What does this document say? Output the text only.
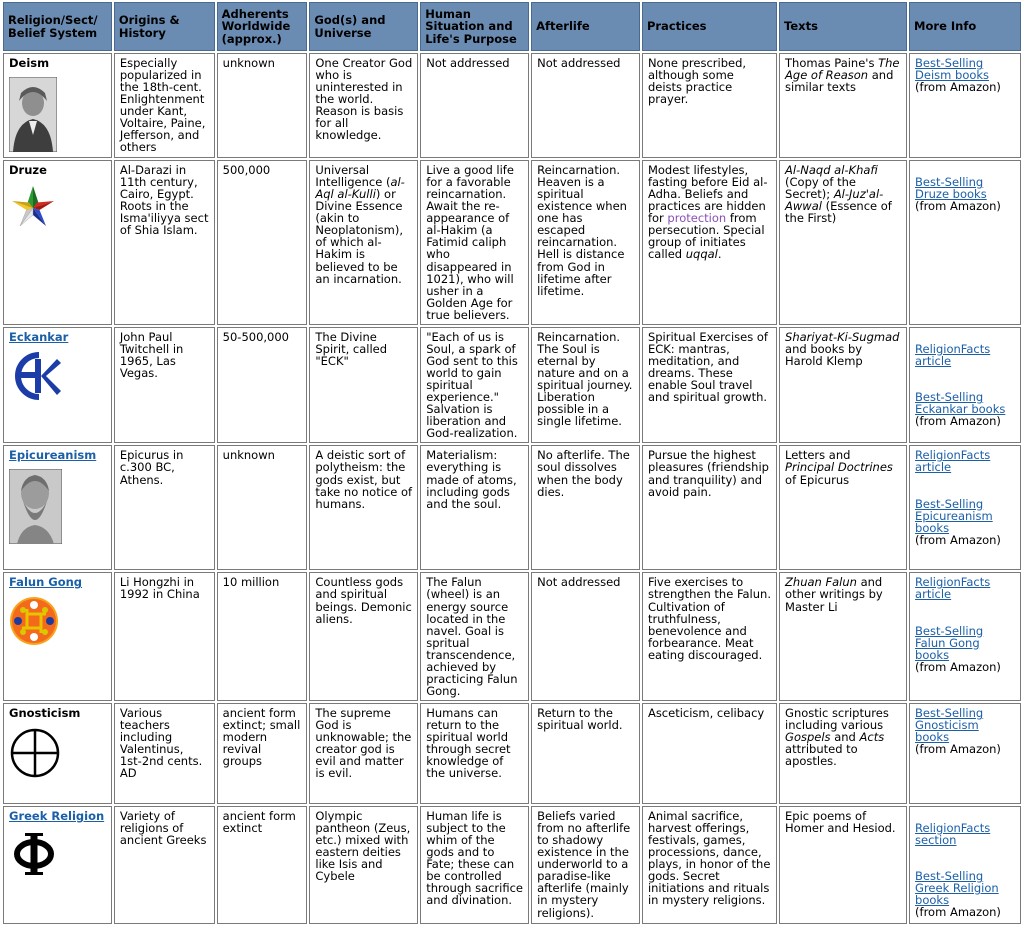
Religion/Sect/ Belief System	Origins & History	Adherents Worldwide (approx.)	God(s) and Universe	Human Situation and Life's Purpose	Afterlife	Practices	Texts	More Info

Deism	Especially popularized in the 18th-cent. Enlightenment under Kant, Voltaire, Paine, Jefferson, and others	unknown	One Creator God who is uninterested in the world. Reason is basis for all knowledge.	Not addressed	Not addressed	None prescribed, although some deists practice prayer.	Thomas Paine's The Age of Reason and similar texts	Best-Selling Deism books
(from Amazon)

Druze	Al-Darazi in 11th century, Cairo, Egypt. Roots in the Isma'iliyya sect of Shia Islam.	500,000	Universal Intelligence (al-Aql al-Kulli) or Divine Essence (akin to Neoplatonism), of which al-Hakim is believed to be an incarnation.	Live a good life for a favorable reincarnation. Await the re-appearance of al-Hakim (a Fatimid caliph who disappeared in 1021), who will usher in a Golden Age for true believers.	Reincarnation. Heaven is a spiritual existence when one has escaped reincarnation. Hell is distance from God in lifetime after lifetime.	Modest lifestyles, fasting before Eid al-Adha. Beliefs and practices are hidden for protection from persecution. Special group of initiates called uqqal.	Al-Naqd al-Khafi (Copy of the Secret); Al-Juz'al-Awwal (Essence of the First)	Best-Selling Druze books
(from Amazon)

Eckankar	John Paul Twitchell in 1965, Las Vegas.	50-500,000	The Divine Spirit, called "ECK"	"Each of us is Soul, a spark of God sent to this world to gain spiritual experience." Salvation is liberation and God-realization.	Reincarnation. The Soul is eternal by nature and on a spiritual journey. Liberation possible in a single lifetime.	Spiritual Exercises of ECK: mantras, meditation, and dreams. These enable Soul travel and spiritual growth.	Shariyat-Ki-Sugmad and books by Harold Klemp	ReligionFacts article
Best-Selling Eckankar books
(from Amazon)

Epicureanism	Epicurus in c.300 BC, Athens.	unknown	A deistic sort of polytheism: the gods exist, but take no notice of humans.	Materialism: everything is made of atoms, including gods and the soul.	No afterlife. The soul dissolves when the body dies.	Pursue the highest pleasures (friendship and tranquility) and avoid pain.	Letters and Principal Doctrines of Epicurus	ReligionFacts article
Best-Selling Epicureanism books
(from Amazon)

Falun Gong	Li Hongzhi in 1992 in China	10 million	Countless gods and spiritual beings. Demonic aliens.	The Falun (wheel) is an energy source located in the navel. Goal is spritual transcendence, achieved by practicing Falun Gong.	Not addressed	Five exercises to strengthen the Falun. Cultivation of truthfulness, benevolence and forbearance. Meat eating discouraged.	Zhuan Falun and other writings by Master Li	ReligionFacts article
Best-Selling Falun Gong books
(from Amazon)

Gnosticism	Various teachers including Valentinus, 1st-2nd cents. AD	ancient form extinct; small modern revival groups	The supreme God is unknowable; the creator god is evil and matter is evil.	Humans can return to the spiritual world through secret knowledge of the universe.	Return to the spiritual world.	Asceticism, celibacy	Gnostic scriptures including various Gospels and Acts attributed to apostles.	Best-Selling Gnosticism books
(from Amazon)

Greek Religion	Variety of religions of ancient Greeks	ancient form extinct	Olympic pantheon (Zeus, etc.) mixed with eastern deities like Isis and Cybele	Human life is subject to the whim of the gods and to Fate; these can be controlled through sacrifice and divination.	Beliefs varied from no afterlife to shadowy existence in the underworld to a paradise-like afterlife (mainly in mystery religions).	Animal sacrifice, harvest offerings, festivals, games, processions, dance, plays, in honor of the gods. Secret initiations and rituals in mystery religions.	Epic poems of Homer and Hesiod.	ReligionFacts section
Best-Selling Greek Religion books
(from Amazon)
